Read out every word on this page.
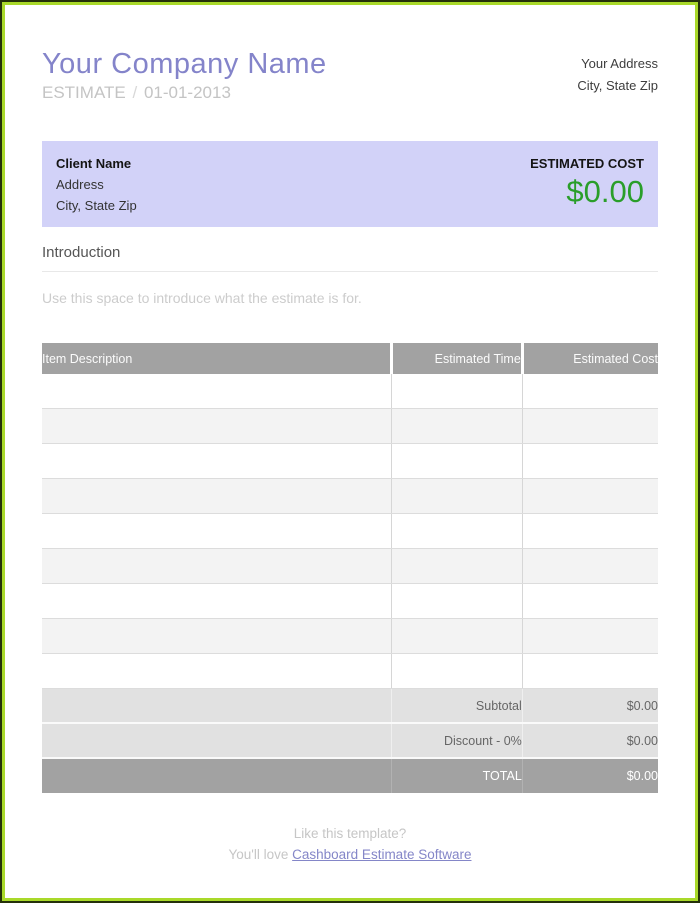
Your Company Name
ESTIMATE / 01-01-2013
Your Address
City, State Zip
Client Name
Address
City, State Zip
ESTIMATED COST
$0.00
Introduction
Use this space to introduce what the estimate is for.
Item Description	Estimated Time	Estimated Cost

	Subtotal	$0.00
	Discount - 0%	$0.00
	TOTAL	$0.00
Like this template?
You'll love Cashboard Estimate Software
